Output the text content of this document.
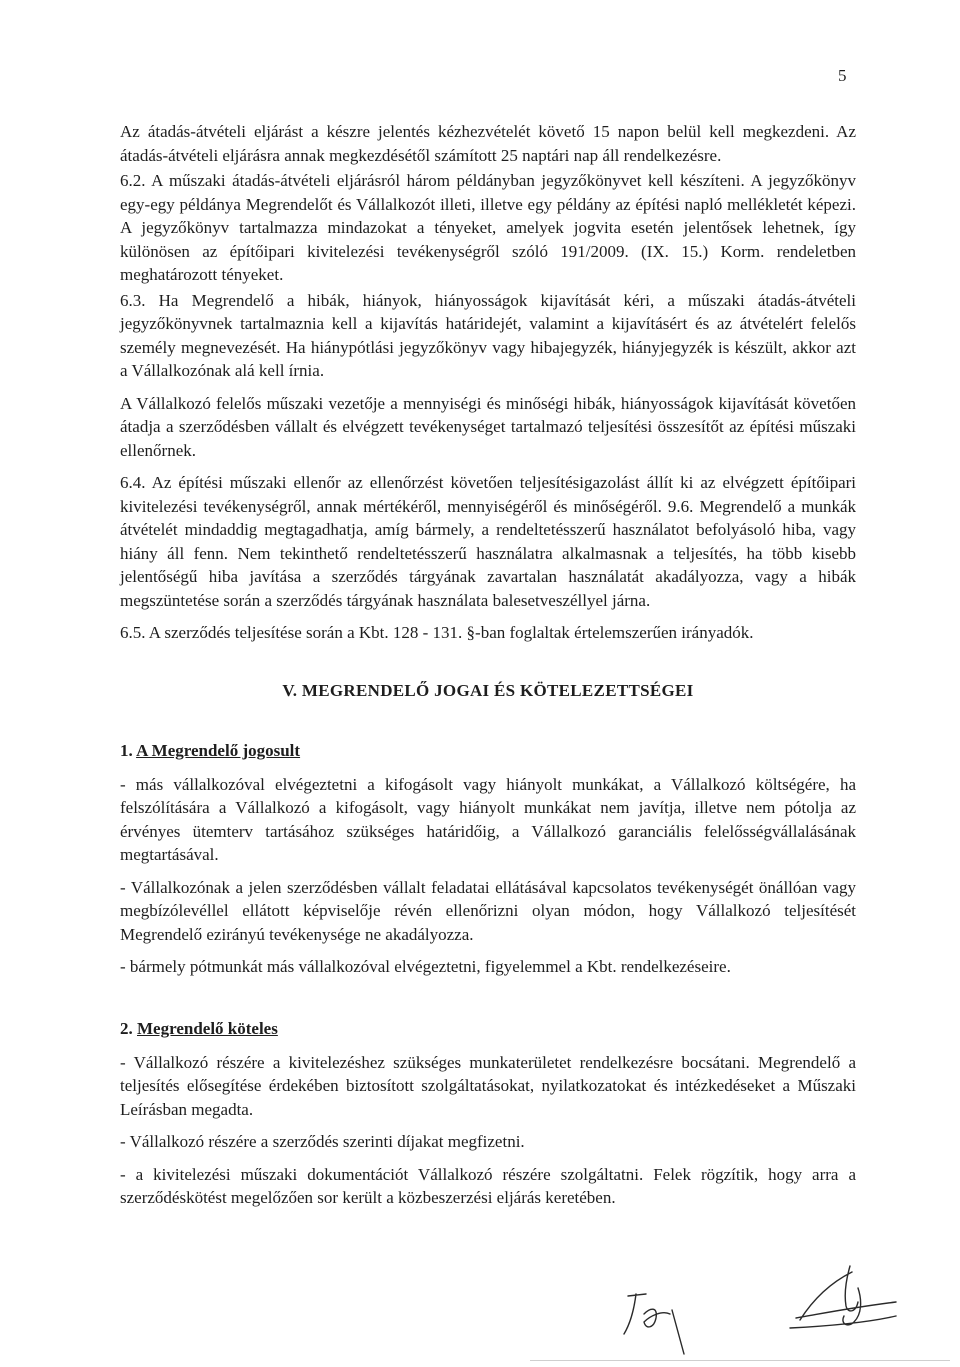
5

Az átadás-átvételi eljárást a készre jelentés kézhezvételét követő 15 napon belül kell megkezdeni. Az átadás-átvételi eljárásra annak megkezdésétől számított 25 naptári nap áll rendelkezésre.

6.2. A műszaki átadás-átvételi eljárásról három példányban jegyzőkönyvet kell készíteni. A jegyzőkönyv egy-egy példánya Megrendelőt és Vállalkozót illeti, illetve egy példány az építési napló mellékletét képezi. A jegyzőkönyv tartalmazza mindazokat a tényeket, amelyek jogvita esetén jelentősek lehetnek, így különösen az építőipari kivitelezési tevékenységről szóló 191/2009. (IX. 15.) Korm. rendeletben meghatározott tényeket.

6.3. Ha Megrendelő a hibák, hiányok, hiányosságok kijavítását kéri, a műszaki átadás-átvételi jegyzőkönyvnek tartalmaznia kell a kijavítás határidejét, valamint a kijavításért és az átvételért felelős személy megnevezését. Ha hiánypótlási jegyzőkönyv vagy hibajegyzék, hiányjegyzék is készült, akkor azt a Vállalkozónak alá kell írnia.

A Vállalkozó felelős műszaki vezetője a mennyiségi és minőségi hibák, hiányosságok kijavítását követően átadja a szerződésben vállalt és elvégzett tevékenységet tartalmazó teljesítési összesítőt az építési műszaki ellenőrnek.

6.4. Az építési műszaki ellenőr az ellenőrzést követően teljesítésigazolást állít ki az elvégzett építőipari kivitelezési tevékenységről, annak mértékéről, mennyiségéről és minőségéről. 9.6. Megrendelő a munkák átvételét mindaddig megtagadhatja, amíg bármely, a rendeltetésszerű használatot befolyásoló hiba, vagy hiány áll fenn. Nem tekinthető rendeltetésszerű használatra alkalmasnak a teljesítés, ha több kisebb jelentőségű hiba javítása a szerződés tárgyának zavartalan használatát akadályozza, vagy a hibák megszüntetése során a szerződés tárgyának használata balesetveszéllyel járna.

6.5. A szerződés teljesítése során a Kbt. 128 - 131. §-ban foglaltak értelemszerűen irányadók.

V. MEGRENDELŐ JOGAI ÉS KÖTELEZETTSÉGEI
1. A Megrendelő jogosult

- más vállalkozóval elvégeztetni a kifogásolt vagy hiányolt munkákat, a Vállalkozó költségére, ha felszólítására a Vállalkozó a kifogásolt, vagy hiányolt munkákat nem javítja, illetve nem pótolja az érvényes ütemterv tartásához szükséges határidőig, a Vállalkozó garanciális felelősségvállalásának megtartásával.

- Vállalkozónak a jelen szerződésben vállalt feladatai ellátásával kapcsolatos tevékenységét önállóan vagy megbízólevéllel ellátott képviselője révén ellenőrizni olyan módon, hogy Vállalkozó teljesítését Megrendelő ezirányú tevékenysége ne akadályozza.

- bármely pótmunkát más vállalkozóval elvégeztetni, figyelemmel a Kbt. rendelkezéseire.

2. Megrendelő köteles

- Vállalkozó részére a kivitelezéshez szükséges munkaterületet rendelkezésre bocsátani. Megrendelő a teljesítés elősegítése érdekében biztosított szolgáltatásokat, nyilatkozatokat és intézkedéseket a Műszaki Leírásban megadta.

- Vállalkozó részére a szerződés szerinti díjakat megfizetni.

- a kivitelezési műszaki dokumentációt Vállalkozó részére szolgáltatni. Felek rögzítik, hogy arra a szerződéskötést megelőzően sor került a közbeszerzési eljárás keretében.
